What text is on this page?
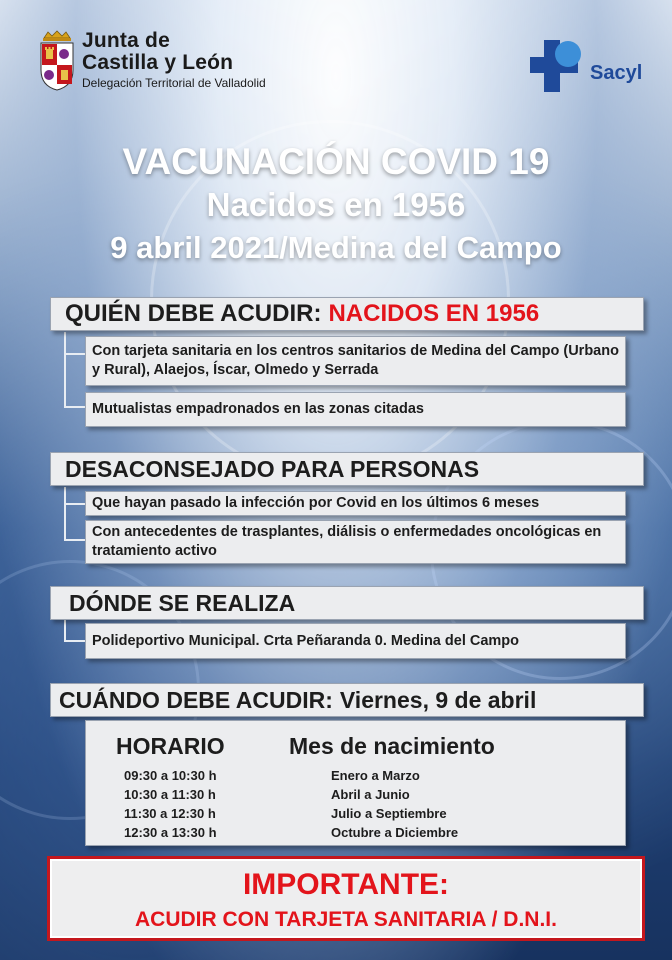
Junta de
Castilla y León
Delegación Territorial de Valladolid	Sacyl
VACUNACIÓN COVID 19
Nacidos en 1956
9 abril 2021/Medina del Campo
QUIÉN DEBE ACUDIR: NACIDOS EN 1956
Con tarjeta sanitaria en los centros sanitarios de Medina del Campo (Urbano y Rural), Alaejos, Íscar, Olmedo y Serrada
Mutualistas empadronados en las zonas citadas
DESACONSEJADO PARA PERSONAS
Que hayan pasado la infección por Covid en los últimos 6 meses
Con antecedentes de trasplantes, diálisis o enfermedades oncológicas en tratamiento activo
DÓNDE SE REALIZA
Polideportivo Municipal. Crta Peñaranda 0. Medina del Campo
CUÁNDO DEBE ACUDIR: Viernes, 9 de abril
HORARIO	Mes de nacimiento
09:30 a 10:30 h	Enero a Marzo
10:30 a 11:30 h	Abril a Junio
11:30 a 12:30 h	Julio a Septiembre
12:30 a 13:30 h	Octubre a Diciembre
IMPORTANTE:
ACUDIR CON TARJETA SANITARIA / D.N.I.
